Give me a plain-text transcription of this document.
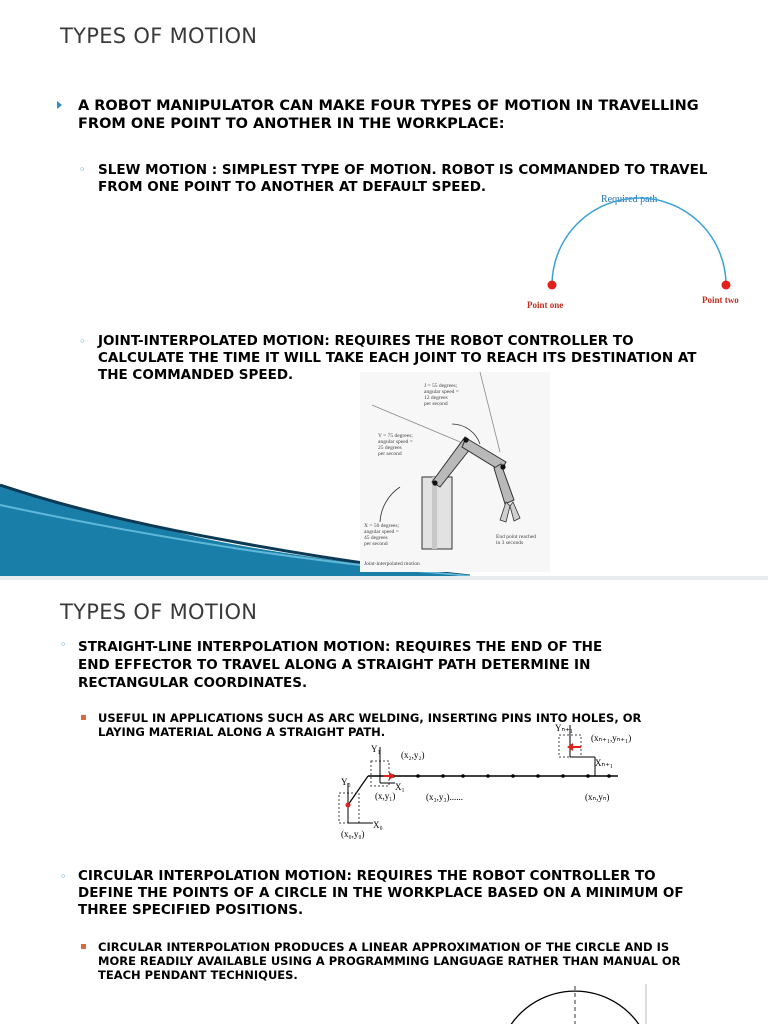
TYPES OF MOTION
A ROBOT MANIPULATOR CAN MAKE FOUR TYPES OF MOTION IN TRAVELLING FROM ONE POINT TO ANOTHER IN THE WORKPLACE:
◦ SLEW MOTION : SIMPLEST TYPE OF MOTION. ROBOT IS COMMANDED TO TRAVEL FROM ONE POINT TO ANOTHER AT DEFAULT SPEED.
Required path
Point one	Point two
◦ JOINT-INTERPOLATED MOTION: REQUIRES THE ROBOT CONTROLLER TO CALCULATE THE TIME IT WILL TAKE EACH JOINT TO REACH ITS DESTINATION AT THE COMMANDED SPEED.
J = 55 degrees;
angular speed =
12 degrees
per second
Y = 75 degrees;
angular speed =
25 degrees
per second
X = 50 degrees;
angular speed =
45 degrees
per second
End point reached
in 3 seconds
Joint-interpolated motion
TYPES OF MOTION
◦ STRAIGHT-LINE INTERPOLATION MOTION: REQUIRES THE END OF THE END EFFECTOR TO TRAVEL ALONG A STRAIGHT PATH DETERMINE IN RECTANGULAR COORDINATES.
▪ USEFUL IN APPLICATIONS SUCH AS ARC WELDING, INSERTING PINS INTO HOLES, OR LAYING MATERIAL ALONG A STRAIGHT PATH.
Y₀
X₀
(x₀,y₀)
Y₁
X₁
(x,y₁)
(x₂,y₂)
(x₃,y₃)......
Yₙ₊₁
Xₙ₊₁
(xₙ₊₁,yₙ₊₁)
(xₙ,yₙ)
◦ CIRCULAR INTERPOLATION MOTION: REQUIRES THE ROBOT CONTROLLER TO DEFINE THE POINTS OF A CIRCLE IN THE WORKPLACE BASED ON A MINIMUM OF THREE SPECIFIED POSITIONS.
▪ CIRCULAR INTERPOLATION PRODUCES A LINEAR APPROXIMATION OF THE CIRCLE AND IS MORE READILY AVAILABLE USING A PROGRAMMING LANGUAGE RATHER THAN MANUAL OR TEACH PENDANT TECHNIQUES.
